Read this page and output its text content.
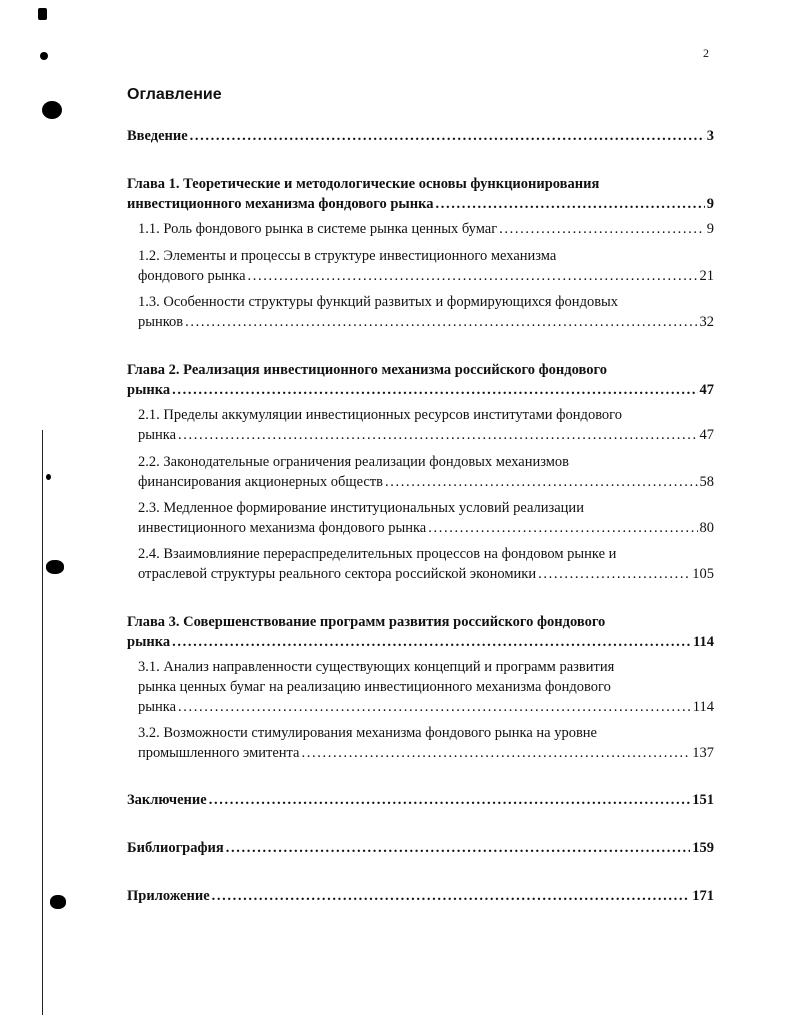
2
Оглавление
Введение . . .	3
Глава 1. Теоретические и методологические основы функционирования
инвестиционного механизма фондового рынка . . .	9
1.1. Роль фондового рынка в системе рынка ценных бумаг . . .	9
1.2. Элементы и процессы в структуре инвестиционного механизма
фондового рынка . . .	21
1.3. Особенности структуры функций развитых и формирующихся фондовых
рынков . . .	32
Глава 2. Реализация инвестиционного механизма российского фондового
рынка . . .	47
2.1. Пределы аккумуляции инвестиционных ресурсов институтами фондового
рынка . . .	47
2.2. Законодательные ограничения реализации фондовых механизмов
финансирования акционерных обществ . . .	58
2.3. Медленное формирование институциональных условий реализации
инвестиционного механизма фондового рынка . . .	80
2.4. Взаимовлияние перераспределительных процессов на фондовом рынке и
отраслевой структуры реального сектора российской экономики . . .	105
Глава 3. Совершенствование программ развития российского фондового
рынка . . .	114
3.1. Анализ направленности существующих концепций и программ развития
рынка ценных бумаг на реализацию инвестиционного механизма фондового
рынка . . .	114
3.2. Возможности стимулирования механизма фондового рынка на уровне
промышленного эмитента . . .	137
Заключение . . .	151
Библиография . . .	159
Приложение . . .	171
